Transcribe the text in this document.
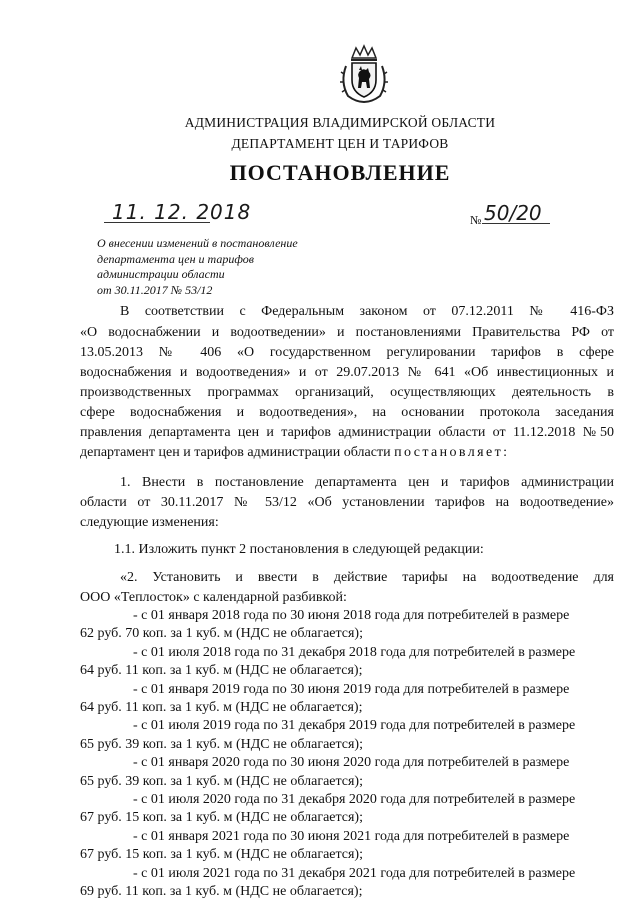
АДМИНИСТРАЦИЯ ВЛАДИМИРСКОЙ ОБЛАСТИ
ДЕПАРТАМЕНТ ЦЕН И ТАРИФОВ
ПОСТАНОВЛЕНИЕ
11. 12. 2018	№ 50/20
О внесении изменений в постановление
департамента цен и тарифов
администрации области
от 30.11.2017 № 53/12
В соответствии с Федеральным законом от 07.12.2011 № 416-ФЗ
«О водоснабжении и водоотведении» и постановлениями Правительства РФ от
13.05.2013 № 406 «О государственном регулировании тарифов в сфере
водоснабжения и водоотведения» и от 29.07.2013 № 641 «Об инвестиционных и
производственных программах организаций, осуществляющих деятельность в
сфере водоснабжения и водоотведения», на основании протокола заседания
правления департамента цен и тарифов администрации области от 11.12.2018 №50
департамент цен и тарифов администрации области постановляет:
1. Внести в постановление департамента цен и тарифов администрации
области от 30.11.2017 № 53/12 «Об установлении тарифов на водоотведение»
следующие изменения:
1.1. Изложить пункт 2 постановления в следующей редакции:
«2. Установить и ввести в действие тарифы на водоотведение для
ООО «Теплосток» с календарной разбивкой:
- с 01 января 2018 года по 30 июня 2018 года для потребителей в размере
62 руб. 70 коп. за 1 куб. м (НДС не облагается);
- с 01 июля 2018 года по 31 декабря 2018 года для потребителей в размере
64 руб. 11 коп. за 1 куб. м (НДС не облагается);
- с 01 января 2019 года по 30 июня 2019 года для потребителей в размере
64 руб. 11 коп. за 1 куб. м (НДС не облагается);
- с 01 июля 2019 года по 31 декабря 2019 года для потребителей в размере
65 руб. 39 коп. за 1 куб. м (НДС не облагается);
- с 01 января 2020 года по 30 июня 2020 года для потребителей в размере
65 руб. 39 коп. за 1 куб. м (НДС не облагается);
- с 01 июля 2020 года по 31 декабря 2020 года для потребителей в размере
67 руб. 15 коп. за 1 куб. м (НДС не облагается);
- с 01 января 2021 года по 30 июня 2021 года для потребителей в размере
67 руб. 15 коп. за 1 куб. м (НДС не облагается);
- с 01 июля 2021 года по 31 декабря 2021 года для потребителей в размере
69 руб. 11 коп. за 1 куб. м (НДС не облагается);
